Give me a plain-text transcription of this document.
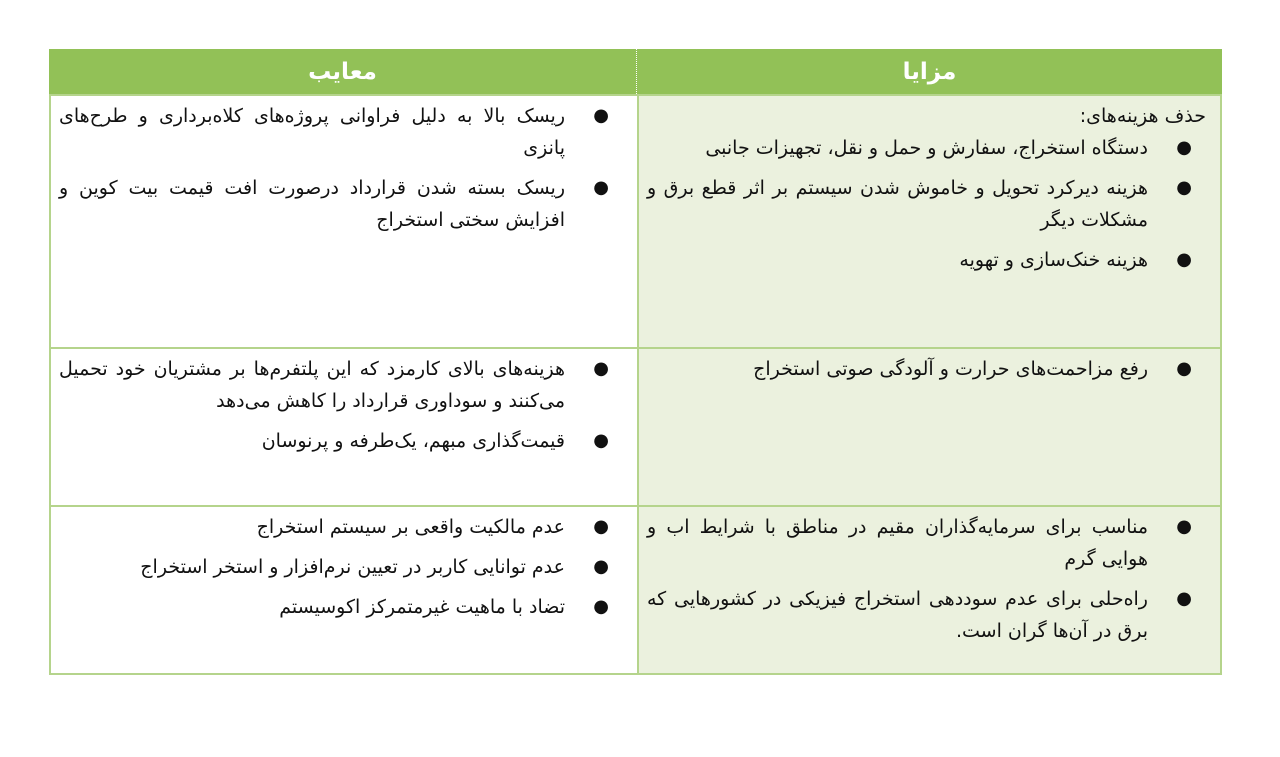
مزایا
معایب

حذف هزینه‌های:

●
دستگاه استخراج، سفارش و حمل و نقل، تجهیزات جانبی
●
هزینه دیرکرد تحویل و خاموش شدن سیستم بر اثر قطع برق و مشکلات دیگر
●
هزینه خنک‌سازی و تهویه
●
ریسک بالا به دلیل فراوانی پروژه‌های کلاه‌برداری و طرح‌های پانزی
●
ریسک بسته شدن قرارداد درصورت افت قیمت بیت کوین و افزایش سختی استخراج
●
رفع مزاحمت‌های حرارت و آلودگی صوتی استخراج
●
هزینه‌های بالای کارمزد که این پلتفرم‌ها بر مشتریان خود تحمیل می‌کنند و سوداوری قرارداد را کاهش می‌دهد
●
قیمت‌گذاری مبهم، یک‌طرفه و پرنوسان
●
مناسب برای سرمایه‌گذاران مقیم در مناطق با شرایط اب و هوایی گرم
●
راه‌حلی برای عدم سوددهی استخراج فیزیکی در کشورهایی که برق در آن‌ها گران است.
●
عدم مالکیت واقعی بر سیستم استخراج
●
عدم توانایی کاربر در تعیین نرم‌افزار و استخر استخراج
●
تضاد با ماهیت غیرمتمرکز اکوسیستم
